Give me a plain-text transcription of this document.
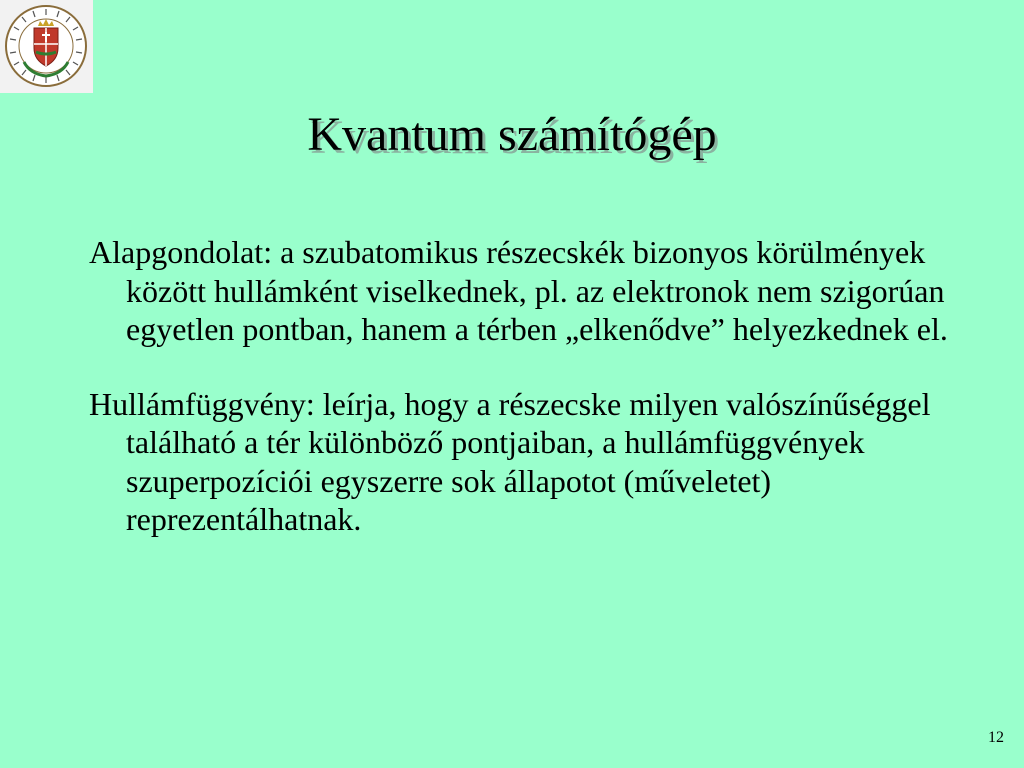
Kvantum számítógép

Alapgondolat: a szubatomikus részecskék bizonyos körülmények között hullámként viselkednek, pl. az elektronok nem szigorúan egyetlen pontban, hanem a térben „elkenődve” helyezkednek el.

Hullámfüggvény: leírja, hogy a részecske milyen valószínűséggel található a tér különböző pontjaiban, a hullámfüggvények szuperpozíciói egyszerre sok állapotot (műveletet) reprezentálhatnak.

12
